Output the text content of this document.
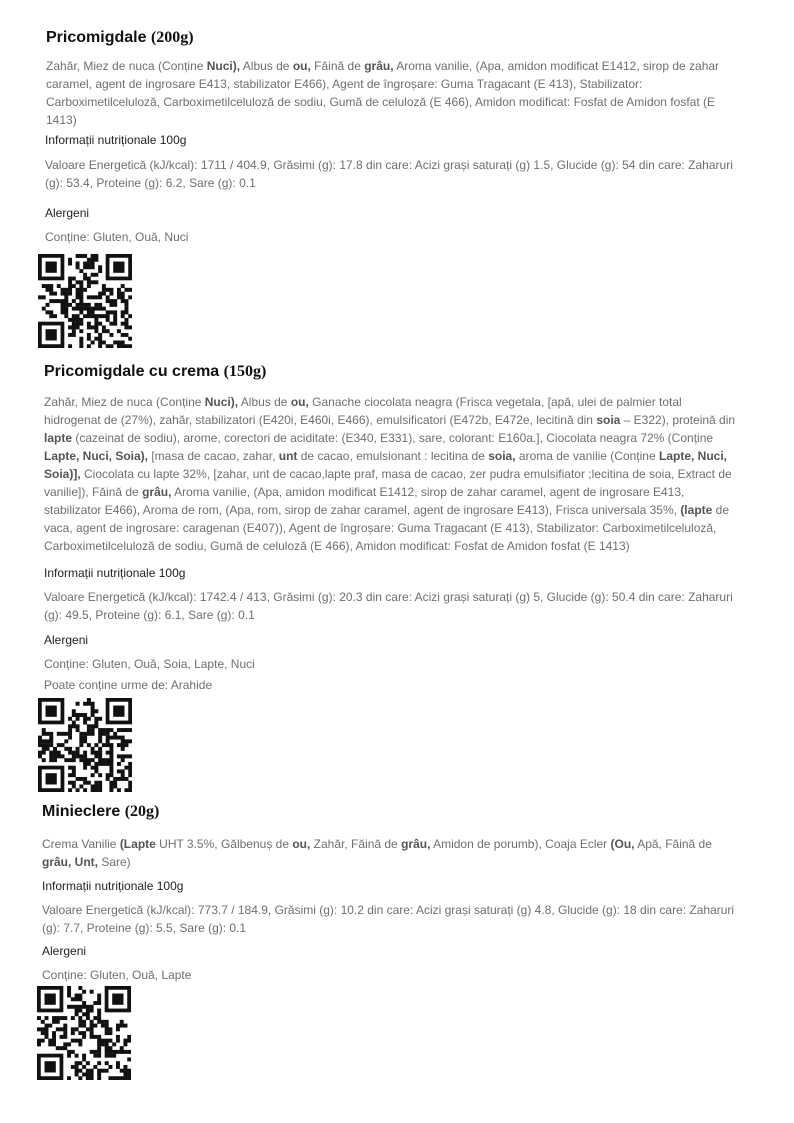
Pricomigdale (200g)

Zahăr, Miez de nuca (Conține Nuci), Albus de ou, Făină de grâu, Aroma vanilie, (Apa, amidon modificat E1412, sirop de zahar caramel, agent de ingrosare E413, stabilizator E466), Agent de îngroșare: Guma Tragacant (E 413), Stabilizator: Carboximetilceluloză, Carboximetilceluloză de sodiu, Gumă de celuloză (E 466), Amidon modificat: Fosfat de Amidon fosfat (E 1413)

Informații nutriționale 100g

Valoare Energetică (kJ/kcal): 1711 / 404.9, Grăsimi (g): 17.8 din care: Acizi grași saturați (g) 1.5, Glucide (g): 54 din care: Zaharuri (g): 53.4, Proteine (g): 6.2, Sare (g): 0.1

Alergeni

Conține: Gluten, Ouă, Nuci

Pricomigdale cu crema (150g)

Zahăr, Miez de nuca (Conține Nuci), Albus de ou, Ganache ciocolata neagra (Frisca vegetala, [apă, ulei de palmier total hidrogenat de (27%), zahăr, stabilizatori (E420i, E460i, E466), emulsificatori (E472b, E472e, lecitină din soia – E322), proteină din lapte (cazeinat de sodiu), arome, corectori de aciditate: (E340, E331), sare, colorant: E160a.], Ciocolata neagra 72% (Conține Lapte, Nuci, Soia), [masa de cacao, zahar, unt de cacao, emulsionant : lecitina de soia, aroma de vanilie (Conține Lapte, Nuci, Soia)], Ciocolata cu lapte 32%, [zahar, unt de cacao,lapte praf, masa de cacao, zer pudra emulsifiator ;lecitina de soia, Extract de vanilie]), Făină de grâu, Aroma vanilie, (Apa, amidon modificat E1412, sirop de zahar caramel, agent de ingrosare E413, stabilizator E466), Aroma de rom, (Apa, rom, sirop de zahar caramel, agent de ingrosare E413), Frisca universala 35%, (lapte de vaca, agent de ingrosare: caragenan (E407)), Agent de îngroșare: Guma Tragacant (E 413), Stabilizator: Carboximetilceluloză, Carboximetilceluloză de sodiu, Gumă de celuloză (E 466), Amidon modificat: Fosfat de Amidon fosfat (E 1413)

Informații nutriționale 100g

Valoare Energetică (kJ/kcal): 1742.4 / 413, Grăsimi (g): 20.3 din care: Acizi grași saturați (g) 5, Glucide (g): 50.4 din care: Zaharuri (g): 49.5, Proteine (g): 6.1, Sare (g): 0.1

Alergeni

Conține: Gluten, Ouă, Soia, Lapte, Nuci

Poate conține urme de: Arahide

Minieclere (20g)

Crema Vanilie (Lapte UHT 3.5%, Gălbenuș de ou, Zahăr, Făină de grâu, Amidon de porumb), Coaja Ecler (Ou, Apă, Făină de grâu, Unt, Sare)

Informații nutriționale 100g

Valoare Energetică (kJ/kcal): 773.7 / 184.9, Grăsimi (g): 10.2 din care: Acizi grași saturați (g) 4.8, Glucide (g): 18 din care: Zaharuri (g): 7.7, Proteine (g): 5.5, Sare (g): 0.1

Alergeni

Conține: Gluten, Ouă, Lapte
